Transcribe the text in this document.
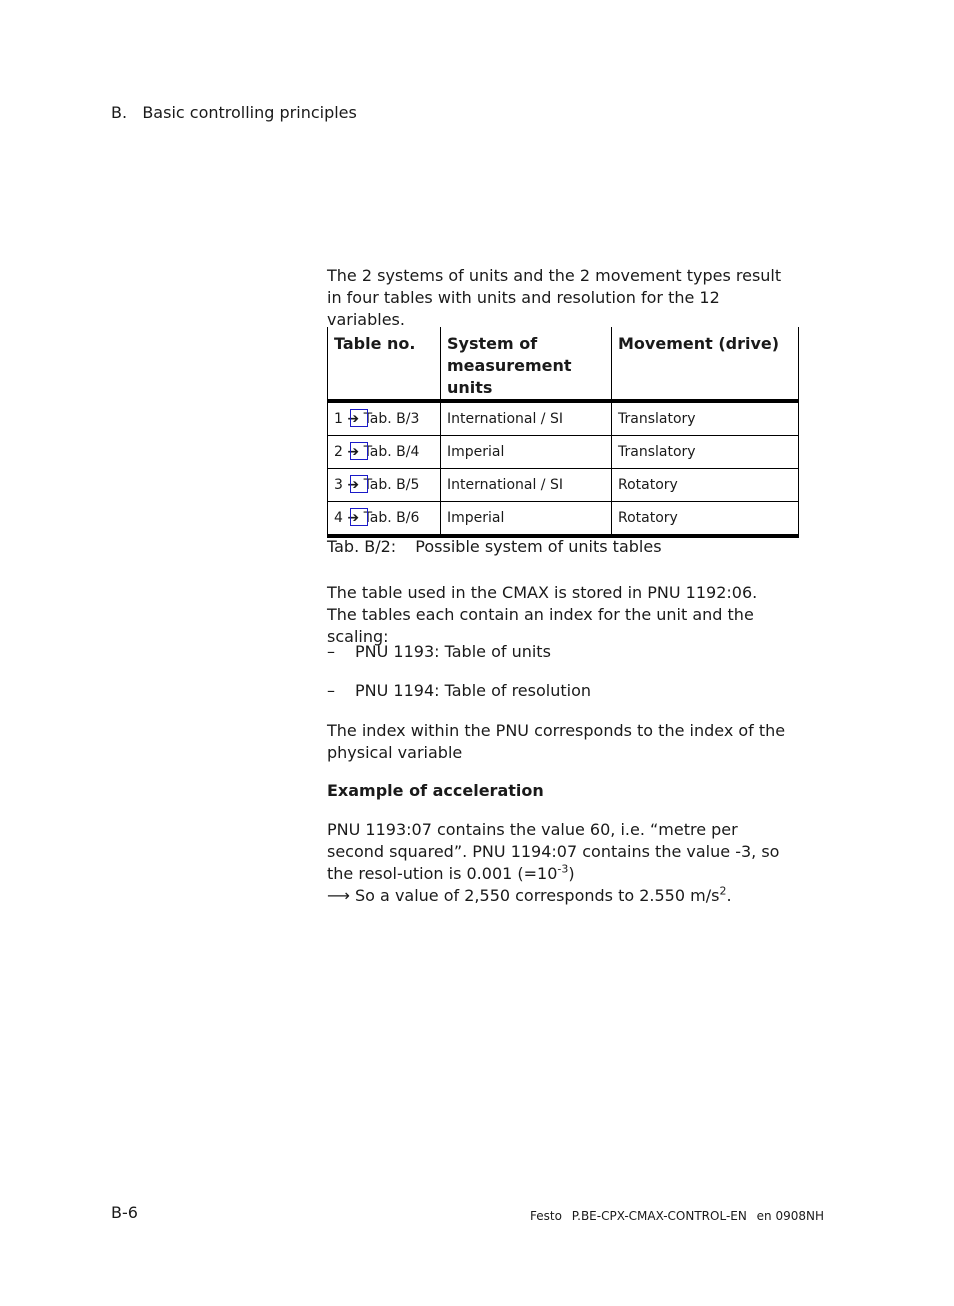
B. Basic controlling principles
The 2 systems of units and the 2 movement types result in four tables with units and resolution for the 12 variables.
Table no.	System of measurement units	Movement (drive)
1 ➔ Tab. B/3	International / SI	Translatory
2 ➔ Tab. B/4	Imperial	Translatory
3 ➔ Tab. B/5	International / SI	Rotatory
4 ➔ Tab. B/6	Imperial	Rotatory
Tab. B/2: Possible system of units tables
The table used in the CMAX is stored in PNU 1192:06. The tables each contain an index for the unit and the scaling:
– PNU 1193: Table of units
– PNU 1194: Table of resolution
The index within the PNU corresponds to the index of the physical variable
Example of acceleration
PNU 1193:07 contains the value 60, i.e. “metre per second squared”. PNU 1194:07 contains the value -3, so the resol-ution is 0.001 $(=10^{-3})$
⟶ So a value of 2,550 corresponds to 2.550 $m/s^2$.
B-6	Festo P.BE-CPX-CMAX-CONTROL-EN en 0908NH
